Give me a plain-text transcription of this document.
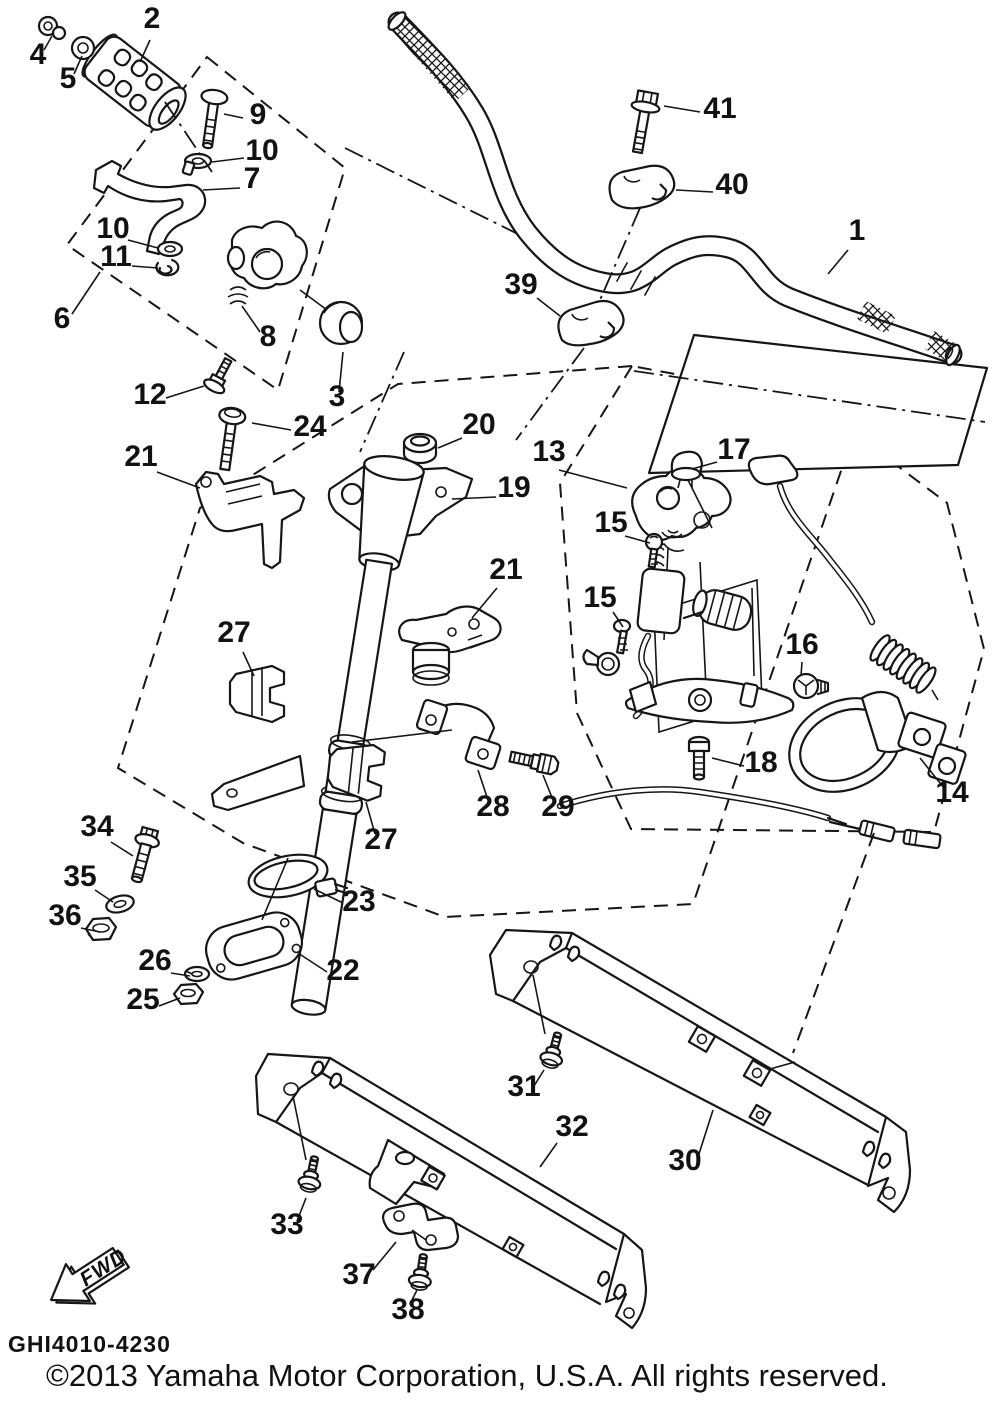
FWD
2
4
5
9
10
7
10
11
6
8
12	3
41
40
1
39
24
21
20
13
19
15
21
15
27	16
17
18
14
28 29
27
34
35
36
26
25
23
22
31
30
32
33
37
38
GHI4010-4230
©2013 Yamaha Motor Corporation, U.S.A. All rights reserved.
